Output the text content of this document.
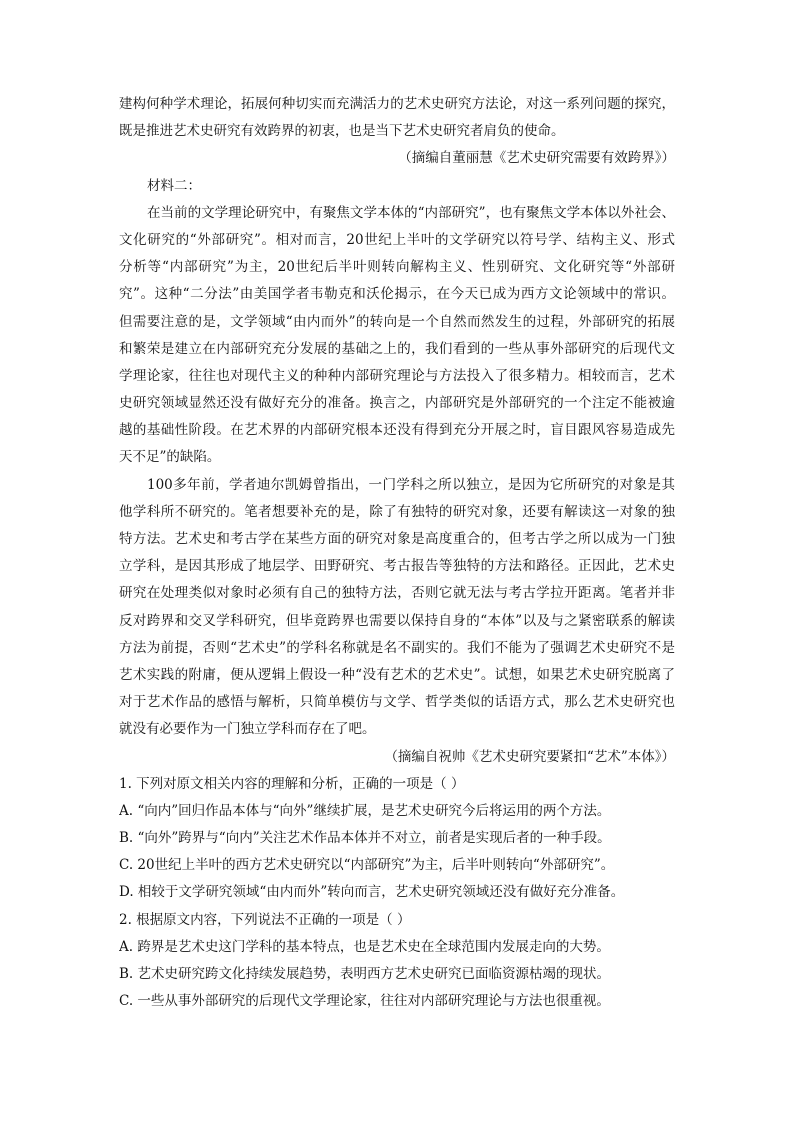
建构何种学术理论，拓展何种切实而充满活力的艺术史研究方法论，对这一系列问题的探究，
既是推进艺术史研究有效跨界的初衷，也是当下艺术史研究者肩负的使命。
（摘编自董丽慧《艺术史研究需要有效跨界》）
材料二：
在当前的文学理论研究中，有聚焦文学本体的“内部研究”，也有聚焦文学本体以外社会、
文化研究的“外部研究”。相对而言，20世纪上半叶的文学研究以符号学、结构主义、形式
分析等“内部研究”为主，20世纪后半叶则转向解构主义、性别研究、文化研究等“外部研
究”。这种“二分法”由美国学者韦勒克和沃伦揭示，在今天已成为西方文论领域中的常识。
但需要注意的是，文学领域“由内而外”的转向是一个自然而然发生的过程，外部研究的拓展
和繁荣是建立在内部研究充分发展的基础之上的，我们看到的一些从事外部研究的后现代文
学理论家，往往也对现代主义的种种内部研究理论与方法投入了很多精力。相较而言，艺术
史研究领域显然还没有做好充分的准备。换言之，内部研究是外部研究的一个注定不能被逾
越的基础性阶段。在艺术界的内部研究根本还没有得到充分开展之时，盲目跟风容易造成先
天不足”的缺陷。
100多年前，学者迪尔凯姆曾指出，一门学科之所以独立，是因为它所研究的对象是其
他学科所不研究的。笔者想要补充的是，除了有独特的研究对象，还要有解读这一对象的独
特方法。艺术史和考古学在某些方面的研究对象是高度重合的，但考古学之所以成为一门独
立学科，是因其形成了地层学、田野研究、考古报告等独特的方法和路径。正因此，艺术史
研究在处理类似对象时必须有自己的独特方法，否则它就无法与考古学拉开距离。笔者并非
反对跨界和交叉学科研究，但毕竟跨界也需要以保持自身的“本体”以及与之紧密联系的解读
方法为前提，否则“艺术史”的学科名称就是名不副实的。我们不能为了强调艺术史研究不是
艺术实践的附庸，便从逻辑上假设一种“没有艺术的艺术史”。试想，如果艺术史研究脱离了
对于艺术作品的感悟与解析，只简单模仿与文学、哲学类似的话语方式，那么艺术史研究也
就没有必要作为一门独立学科而存在了吧。
（摘编自祝帅《艺术史研究要紧扣“艺术”本体》）
1. 下列对原文相关内容的理解和分析，正确的一项是（ ）
A. “向内”回归作品本体与“向外”继续扩展，是艺术史研究今后将运用的两个方法。
B. “向外”跨界与“向内”关注艺术作品本体并不对立，前者是实现后者的一种手段。
C. 20世纪上半叶的西方艺术史研究以“内部研究”为主，后半叶则转向“外部研究”。
D. 相较于文学研究领域“由内而外”转向而言，艺术史研究领域还没有做好充分准备。
2. 根据原文内容，下列说法不正确的一项是（ ）
A. 跨界是艺术史这门学科的基本特点，也是艺术史在全球范围内发展走向的大势。
B. 艺术史研究跨文化持续发展趋势，表明西方艺术史研究已面临资源枯竭的现状。
C. 一些从事外部研究的后现代文学理论家，往往对内部研究理论与方法也很重视。
